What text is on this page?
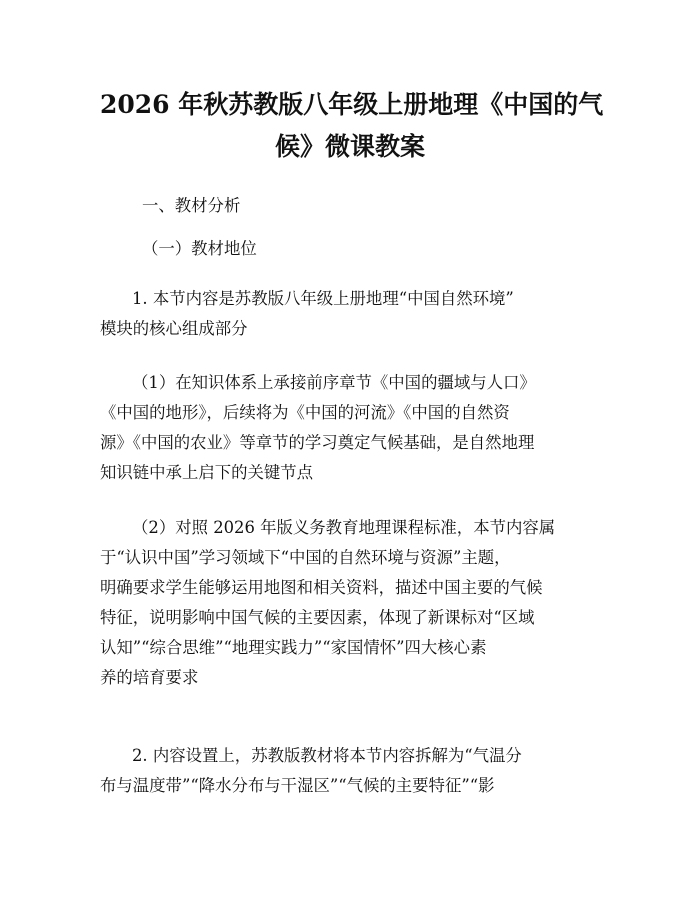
2026 年秋苏教版八年级上册地理《中国的气
候》微课教案

一、教材分析

（一）教材地位

1. 本节内容是苏教版八年级上册地理“中国自然环境”
模块的核心组成部分

（1）在知识体系上承接前序章节《中国的疆域与人口》
《中国的地形》，后续将为《中国的河流》《中国的自然资
源》《中国的农业》等章节的学习奠定气候基础，是自然地理
知识链中承上启下的关键节点

（2）对照 2026 年版义务教育地理课程标准，本节内容属
于“认识中国”学习领域下“中国的自然环境与资源”主题，
明确要求学生能够运用地图和相关资料，描述中国主要的气候
特征，说明影响中国气候的主要因素，体现了新课标对“区域
认知”“综合思维”“地理实践力”“家国情怀”四大核心素
养的培育要求

2. 内容设置上，苏教版教材将本节内容拆解为“气温分
布与温度带”“降水分布与干湿区”“气候的主要特征”“影
